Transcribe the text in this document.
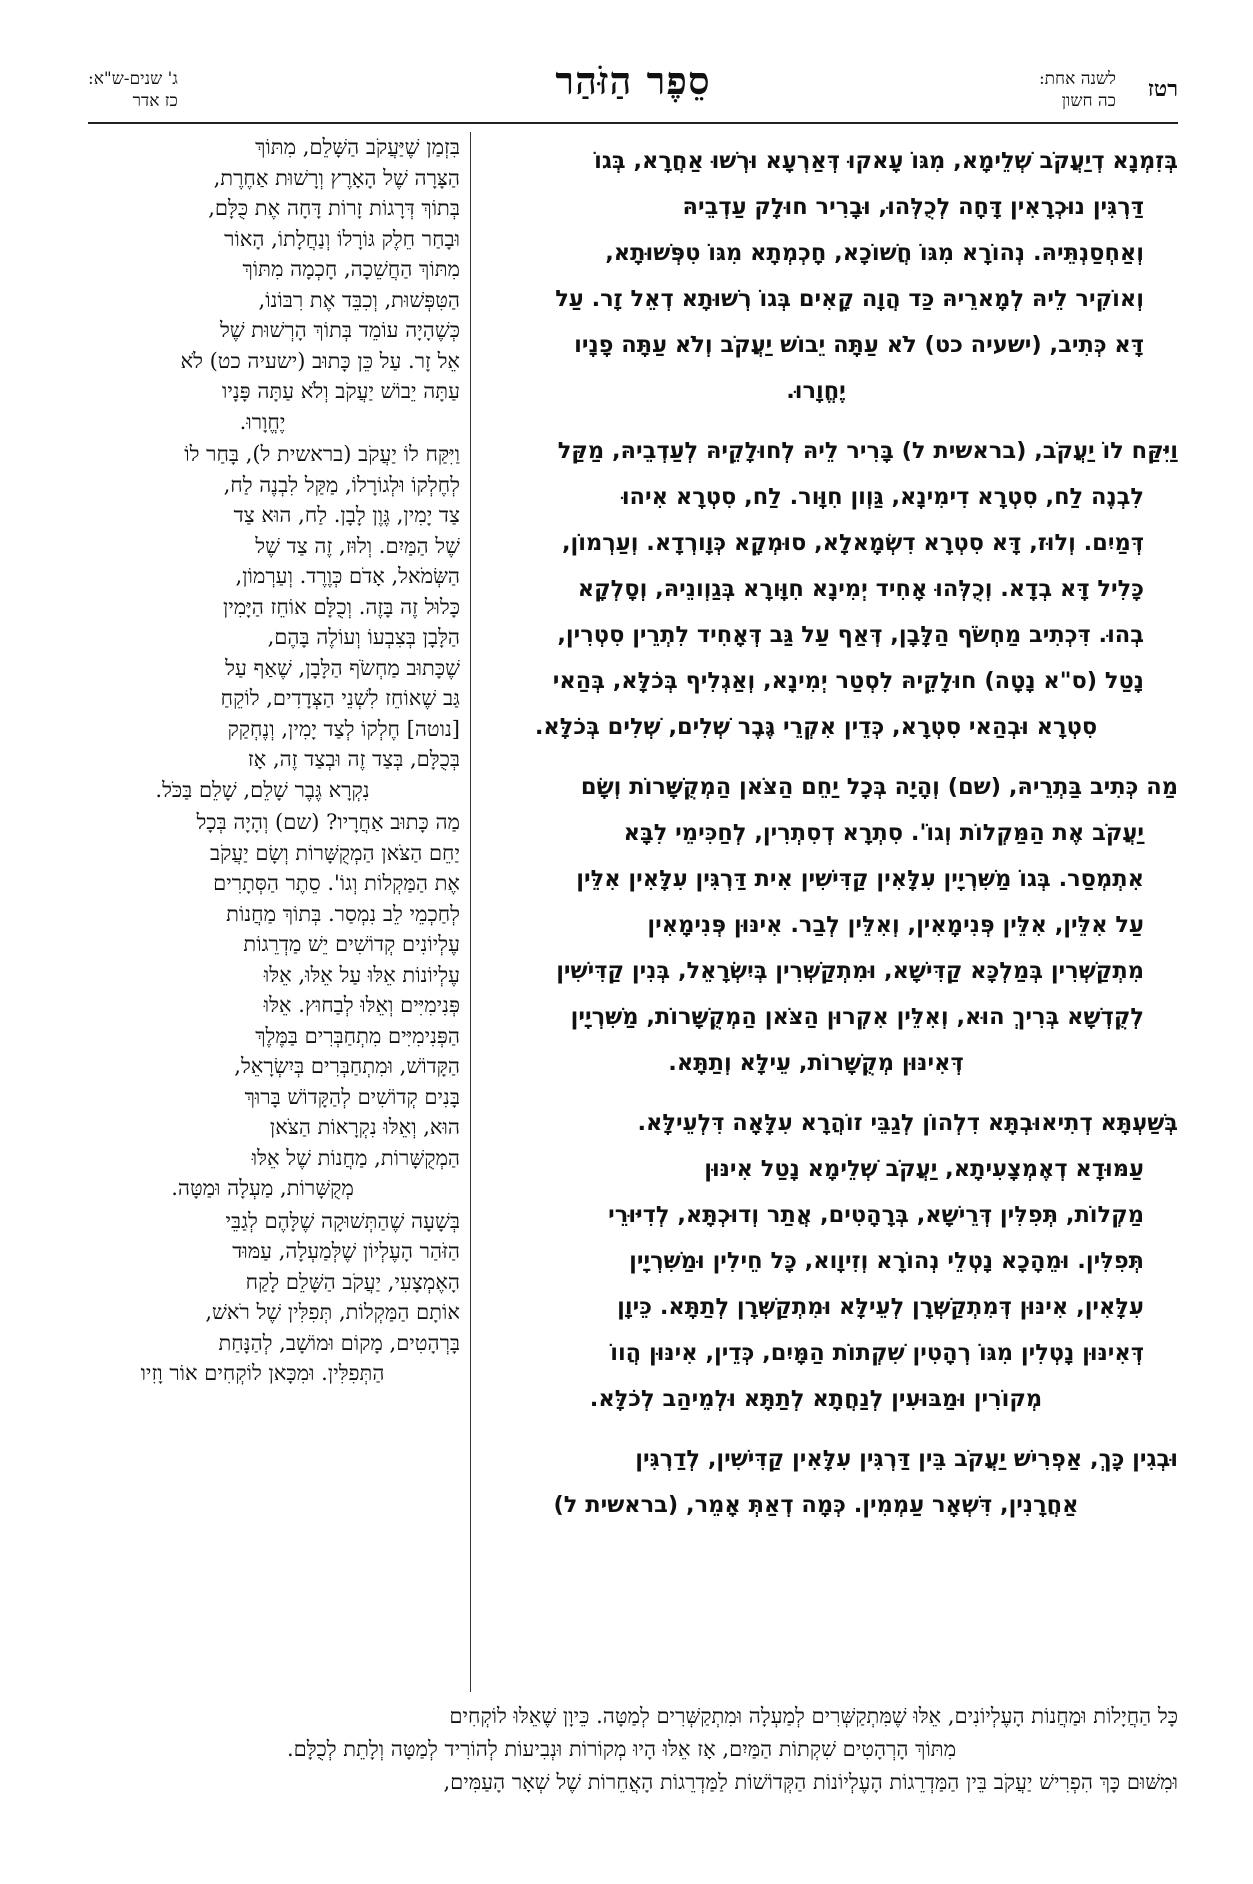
רטז
לשנה אחת:
כה חשון
סֵפֶר הַזֹּהַר
ג' שנים-ש"א:
כז אדר
בְּזִמְנָא דְיַעֲקֹב שְׁלֵימָא, מִגּוֹ עָאקוּ דְּאַרְעָא וּרְשׁוּ אַחֲרָא, בְּגוֹ
דַּרְגִּין נוּכְרָאִין דָּחָה לְכֻלְּהוּ, וּבָרִיר חוּלָק עַדְבֵיהּ
וְאַחְסַנְתֵּיהּ. נְהוֹרָא מִגּוֹ חֲשׁוֹכָא, חָכְמְתָא מִגּוֹ טִפְּשׁוּתָא,
וְאוֹקִיר לֵיהּ לְמָארֵיהּ כַּד הֲוָה קָאִים בְּגוֹ רְשׁוּתָא דְאֵל זָר. עַל
דָּא כְּתִיב, (ישעיה כט) לֹא עַתָּה יֵבוֹשׁ יַעֲקֹב וְלֹא עַתָּה פָנָיו
יֶחֱוָרוּ.
וַיִּקַּח לוֹ יַעֲקֹב, (בראשית ל) בָּרִיר לֵיהּ לְחוּלָקֵיהּ לְעַדְבֵיהּ, מַקַּל
לִבְנֶה לַח, סִטְרָא דִימִינָא, גַּוְון חִוָּור. לַח, סִטְרָא אִיהוּ
דְּמַיִם. וְלוּז, דָּא סִטְרָא דִשְׂמָאלָא, סוּמְקָא כְּוָורְדָא. וְעַרְמוֹן,
כָּלִיל דָּא בְדָא. וְכֻלְּהוּ אָחִיד יְמִינָא חִוָּורָא בְּגַוְונֵיהּ, וְסָלְקָא
בְהוּ. דִּכְתִיב מַחְשֹׂף הַלָּבָן, דְּאַף עַל גַּב דְּאָחִיד לִתְרֵין סִטְרִין,
נָטַל (ס"א נָטָה) חוּלָקֵיהּ לִסְטַר יְמִינָא, וְאַגְלִיף בְּכֹלָּא, בְּהַאי
סִטְרָא וּבְהַאי סִטְרָא, כְּדֵין אִקְרֵי גֶּבֶר שְׁלִים, שְׁלִים בְּכֹלָּא.
מַה כְּתִיב בַּתְרֵיהּ, (שם) וְהָיָה בְּכָל יַחֵם הַצֹּאן הַמְקֻשָּׁרוֹת וְשָׂם
יַעֲקֹב אֶת הַמַּקְלוֹת וְגוֹ'. סִתְרָא דְסִתְרִין, לְחַכִּימֵי לִבָּא
אִתְמְסַר. בְּגוֹ מַשִּׁרְיָין עִלָּאִין קַדִּישִׁין אִית דַּרְגִּין עִלָּאִין אִלֵּין
עַל אִלֵּין, אִלֵּין פְּנִימָאִין, וְאִלֵּין לְבַר. אִינּוּן פְּנִימָאִין
מִתְקַשְּׁרִין בְּמַלְכָּא קַדִּישָׁא, וּמִתְקַשְּׁרִין בְּיִשְׂרָאֵל, בְּנִין קַדִּישִׁין
לְקֻדְשָׁא בְּרִיךְ הוּא, וְאִלֵּין אִקְרוּן הַצֹּאן הַמְקֻשָּׁרוֹת, מַשִּׁרְיָין
דְּאִינּוּן מְקֻשָּׁרוֹת, עֵילָּא וְתַתָּא.
בְּשַׁעְתָּא דְתִיאוּבְתָּא דִלְהוֹן לְגַבֵּי זוֹהֲרָא עִלָּאָה דִּלְעֵילָּא.
עַמּוּדָא דְאֶמְצָעִיתָא, יַעֲקֹב שְׁלֵימָא נָטַל אִינּוּן
מַקְלוֹת, תְּפִלִּין דְּרֵישָׁא, בְּרָהָטִים, אֲתַר וְדוּכְתָּא, לְדִיּוּרֵי
תְּפִלִּין. וּמֵהָכָא נָטְלֵי נְהוֹרָא וְזִיוָוא, כָּל חֵילִין וּמַשִּׁרְיָין
עִלָּאִין, אִינּוּן דְּמִתְקַשְּׁרָן לְעֵילָּא וּמִתְקַשְּׁרָן לְתַתָּא. כֵּיוָן
דְּאִינּוּן נָטְלִין מִגּוֹ רְהָטִין שִׁקְתוֹת הַמָּיִם, כְּדֵין, אִינּוּן הֲווֹ
מְקוֹרִין וּמַבּוּעִין לְנַחֲתָא לְתַתָּא וּלְמֵיהַב לְכֹלָּא.
וּבְגִין כָּךְ, אַפְרִישׁ יַעֲקֹב בֵּין דַּרְגִּין עִלָּאִין קַדִּישִׁין, לְדַרְגִּין
אַחֲרָנִין, דִּשְׁאָר עַמְמִין. כְּמָה דְאַתְּ אָמֵר, (בראשית ל)
בִּזְמַן שֶׁיַּעֲקֹב הַשָּׁלֵם, מִתּוֹךְ
הַצָּרָה שֶׁל הָאָרֶץ וְרָשׁוּת אַחֶרֶת,
בְּתוֹךְ דְּרָגוֹת זָרוֹת דָּחָה אֶת כֻּלָּם,
וּבָחַר חֵלֶק גּוֹרָלוֹ וְנַחֲלָתוֹ, הָאוֹר
מִתּוֹךְ הַחֲשֵׁכָה, חָכְמָה מִתּוֹךְ
הַטִּפְּשׁוּת, וְכִבֵּד אֶת רִבּוֹנוֹ,
כְּשֶׁהָיָה עוֹמֵד בְּתוֹךְ הָרְשׁוּת שֶׁל
אֵל זָר. עַל כֵּן כָּתוּב (ישעיה כט) לֹא
עַתָּה יֵבוֹשׁ יַעֲקֹב וְלֹא עַתָּה פָּנָיו
יֶחֱוָרוּ.
וַיִּקַּח לוֹ יַעֲקֹב (בראשית ל), בָּחַר לוֹ
לְחֶלְקוֹ וּלְגוֹרָלוֹ, מַקַּל לִבְנֶה לַח,
צַד יָמִין, גֶּוֶן לָבָן. לַח, הוּא צַד
שֶׁל הַמַּיִם. וְלוּז, זֶה צַד שֶׁל
הַשְּׂמֹאל, אָדֹם כְּוֶרֶד. וְעַרְמוֹן,
כָּלוּל זֶה בָּזֶה. וְכֻלָּם אוֹחֵז הַיָּמִין
הַלָּבָן בְּצִבְעוֹ וְעוֹלֶה בָּהֶם,
שֶׁכָּתוּב מַחְשֹׂף הַלָּבָן, שֶׁאַף עַל
גַּב שֶׁאוֹחֵז לִשְׁנֵי הַצְּדָדִים, לוֹקֵחַ
[נוטה] חֶלְקוֹ לְצַד יָמִין, וְנֶחְקַק
בְּכֻלָּם, בְּצַד זֶה וּבְצַד זֶה, אָז
נִקְרָא גֶּבֶר שָׁלֵם, שָׁלֵם בַּכֹּל.
מַה כָּתוּב אַחֲרָיו? (שם) וְהָיָה בְּכָל
יַחֵם הַצֹּאן הַמְקֻשָּׁרוֹת וְשָׂם יַעֲקֹב
אֶת הַמַּקְלוֹת וְגוֹ'. סֵתֶר הַסְּתָרִים
לְחַכְמֵי לֵב נִמְסַר. בְּתוֹךְ מַחֲנוֹת
עֶלְיוֹנִים קְדוֹשִׁים יֵשׁ מַדְרֵגוֹת
עֶלְיוֹנוֹת אֵלּוּ עַל אֵלּוּ, אֵלּוּ
פְּנִימִיִּים וְאֵלּוּ לְבַחוּץ. אֵלּוּ
הַפְּנִימִיִּים מִתְחַבְּרִים בַּמֶּלֶךְ
הַקָּדוֹשׁ, וּמִתְחַבְּרִים בְּיִשְׂרָאֵל,
בָּנִים קְדוֹשִׁים לְהַקָּדוֹשׁ בָּרוּךְ
הוּא, וְאֵלּוּ נִקְרָאוֹת הַצֹּאן
הַמְקֻשָּׁרוֹת, מַחֲנוֹת שֶׁל אֵלּוּ
מְקֻשָּׁרוֹת, מַעְלָה וּמַטָּה.
בְּשָׁעָה שֶׁהַתְּשׁוּקָה שֶׁלָּהֶם לְגַבֵּי
הַזֹּהַר הָעֶלְיוֹן שֶׁלְּמַעְלָה, עַמּוּד
הָאֶמְצָעִי, יַעֲקֹב הַשָּׁלֵם לָקַח
אוֹתָם הַמַּקְלוֹת, תְּפִלִּין שֶׁל רֹאשׁ,
בָּרְהָטִים, מָקוֹם וּמוֹשָׁב, לְהַנָּחַת
הַתְּפִלִּין. וּמִכָּאן לוֹקְחִים אוֹר וָזִיו
כָּל הַחֲיָלוֹת וּמַחֲנוֹת הָעֶלְיוֹנִים, אֵלּוּ שֶׁמִּתְקַשְּׁרִים לְמַעְלָה וּמִתְקַשְּׁרִים לְמַטָּה. כֵּיוָן שֶׁאֵלּוּ לוֹקְחִים
מִתּוֹךְ הָרְהָטִים שִׁקְתוֹת הַמַּיִם, אָז אֵלּוּ הָיוּ מְקוֹרוֹת וּנְבִיעוֹת לְהוֹרִיד לְמַטָּה וְלָתֵת לְכֻלָּם.
וּמִשּׁוּם כָּךְ הִפְרִישׁ יַעֲקֹב בֵּין הַמַּדְרֵגוֹת הָעֶלְיוֹנוֹת הַקְּדוֹשׁוֹת לַמַּדְרֵגוֹת הָאֲחֵרוֹת שֶׁל שְׁאָר הָעַמִּים,
